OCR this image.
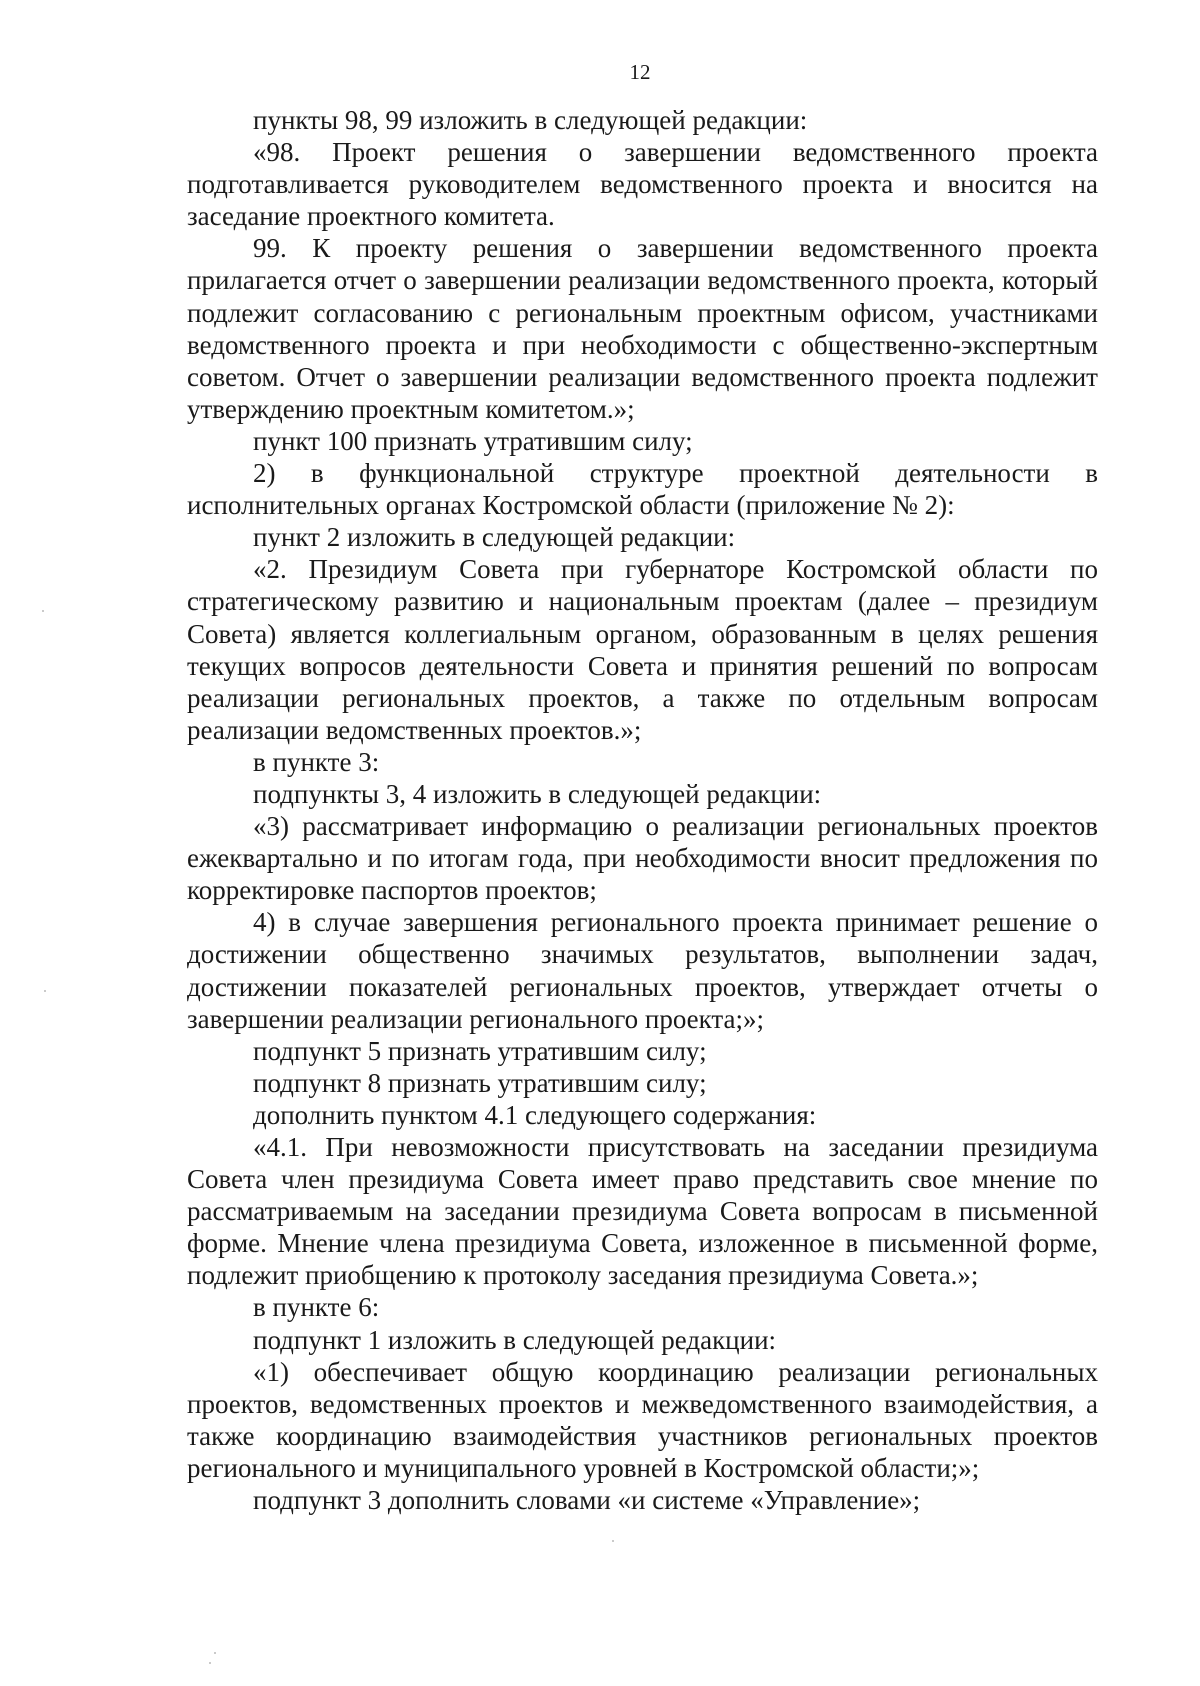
12

пункты 98, 99 изложить в следующей редакции:

«98. Проект решения о завершении ведомственного проекта подготавливается руководителем ведомственного проекта и вносится на заседание проектного комитета.

99. К проекту решения о завершении ведомственного проекта прилагается отчет о завершении реализации ведомственного проекта, который подлежит согласованию с региональным проектным офисом, участниками ведомственного проекта и при необходимости с общественно-экспертным советом. Отчет о завершении реализации ведомственного проекта подлежит утверждению проектным комитетом.»;

пункт 100 признать утратившим силу;

2) в функциональной структуре проектной деятельности в исполнительных органах Костромской области (приложение № 2):

пункт 2 изложить в следующей редакции:

«2. Президиум Совета при губернаторе Костромской области по стратегическому развитию и национальным проектам (далее – президиум Совета) является коллегиальным органом, образованным в целях решения текущих вопросов деятельности Совета и принятия решений по вопросам реализации региональных проектов, а также по отдельным вопросам реализации ведомственных проектов.»;

в пункте 3:

подпункты 3, 4 изложить в следующей редакции:

«3) рассматривает информацию о реализации региональных проектов ежеквартально и по итогам года, при необходимости вносит предложения по корректировке паспортов проектов;

4) в случае завершения регионального проекта принимает решение о достижении общественно значимых результатов, выполнении задач, достижении показателей региональных проектов, утверждает отчеты о завершении реализации регионального проекта;»;

подпункт 5 признать утратившим силу;

подпункт 8 признать утратившим силу;

дополнить пунктом 4.1 следующего содержания:

«4.1. При невозможности присутствовать на заседании президиума Совета член президиума Совета имеет право представить свое мнение по рассматриваемым на заседании президиума Совета вопросам в письменной форме. Мнение члена президиума Совета, изложенное в письменной форме, подлежит приобщению к протоколу заседания президиума Совета.»;

в пункте 6:

подпункт 1 изложить в следующей редакции:

«1) обеспечивает общую координацию реализации региональных проектов, ведомственных проектов и межведомственного взаимодействия, а также координацию взаимодействия участников региональных проектов регионального и муниципального уровней в Костромской области;»;

подпункт 3 дополнить словами «и системе «Управление»;
